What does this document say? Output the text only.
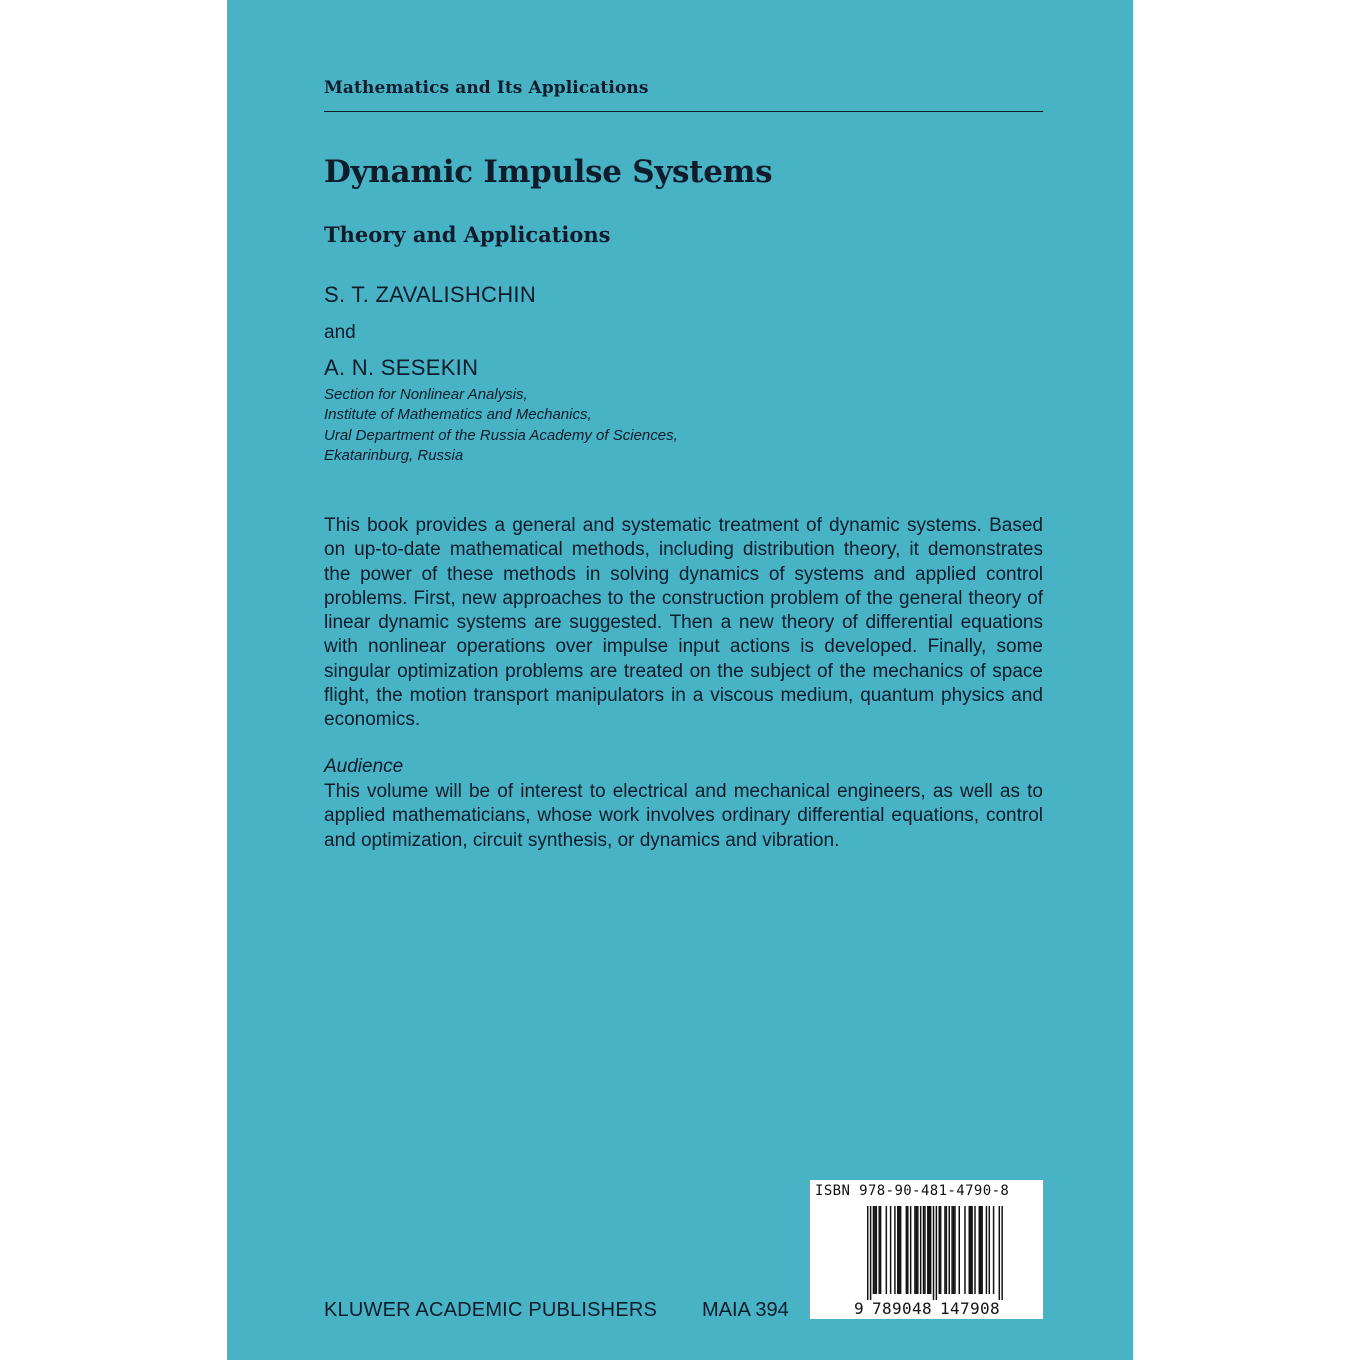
Mathematics and Its Applications
Dynamic Impulse Systems
Theory and Applications
S. T. ZAVALISHCHIN
and
A. N. SESEKIN
Section for Nonlinear Analysis,
Institute of Mathematics and Mechanics,
Ural Department of the Russia Academy of Sciences,
Ekatarinburg, Russia

This book provides a general and systematic treatment of dynamic systems. Based on up-to-date mathematical methods, including distribution theory, it demonstrates the power of these methods in solving dynamics of systems and applied control problems. First, new approaches to the construction problem of the general theory of linear dynamic systems are suggested. Then a new theory of differential equations with nonlinear operations over impulse input actions is developed. Finally, some singular optimization problems are treated on the subject of the mechanics of space flight, the motion transport manipulators in a viscous medium, quantum physics and economics.

Audience

This volume will be of interest to electrical and mechanical engineers, as well as to applied mathematicians, whose work involves ordinary differential equations, control and optimization, circuit synthesis, or dynamics and vibration.

KLUWER ACADEMIC PUBLISHERS MAIA 394
ISBN 978-90-481-4790-8
9 7 8 9 0 4 8 1 4 7 9 0 8
